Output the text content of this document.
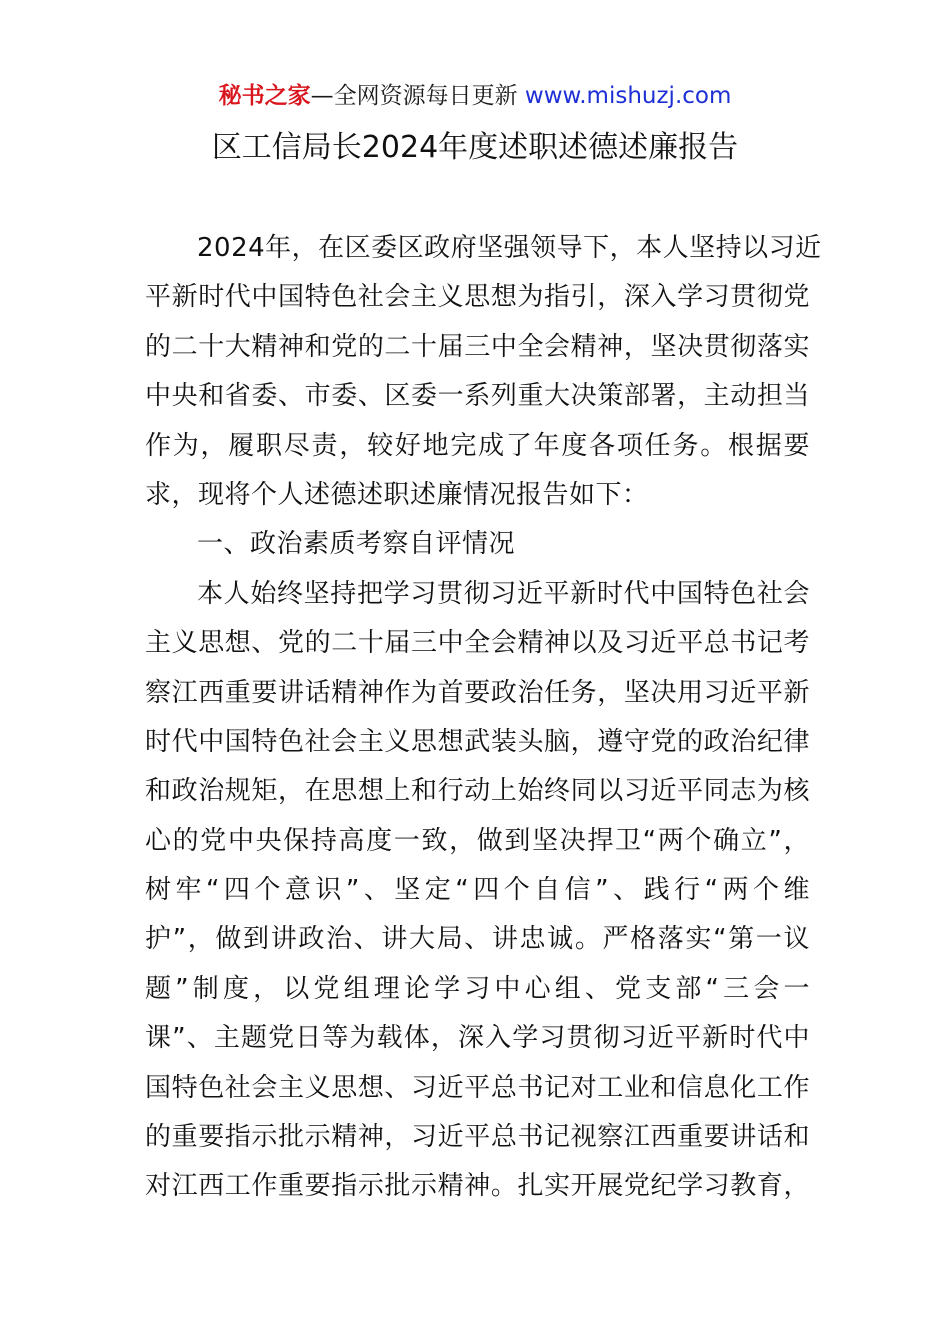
秘书之家—全网资源每日更新 www.mishuzj.com
区工信局长2024年度述职述德述廉报告
2024年，在区委区政府坚强领导下，本人坚持以习近
平新时代中国特色社会主义思想为指引，深入学习贯彻党
的二十大精神和党的二十届三中全会精神，坚决贯彻落实
中央和省委、市委、区委一系列重大决策部署，主动担当
作为，履职尽责，较好地完成了年度各项任务。根据要
求，现将个人述德述职述廉情况报告如下：
一、政治素质考察自评情况
本人始终坚持把学习贯彻习近平新时代中国特色社会
主义思想、党的二十届三中全会精神以及习近平总书记考
察江西重要讲话精神作为首要政治任务，坚决用习近平新
时代中国特色社会主义思想武装头脑，遵守党的政治纪律
和政治规矩，在思想上和行动上始终同以习近平同志为核
心的党中央保持高度一致，做到坚决捍卫“两个确立”，
树牢“四个意识”、坚定“四个自信”、践行“两个维
护”，做到讲政治、讲大局、讲忠诚。严格落实“第一议
题”制度，以党组理论学习中心组、党支部“三会一
课”、主题党日等为载体，深入学习贯彻习近平新时代中
国特色社会主义思想、习近平总书记对工业和信息化工作
的重要指示批示精神，习近平总书记视察江西重要讲话和
对江西工作重要指示批示精神。扎实开展党纪学习教育，
